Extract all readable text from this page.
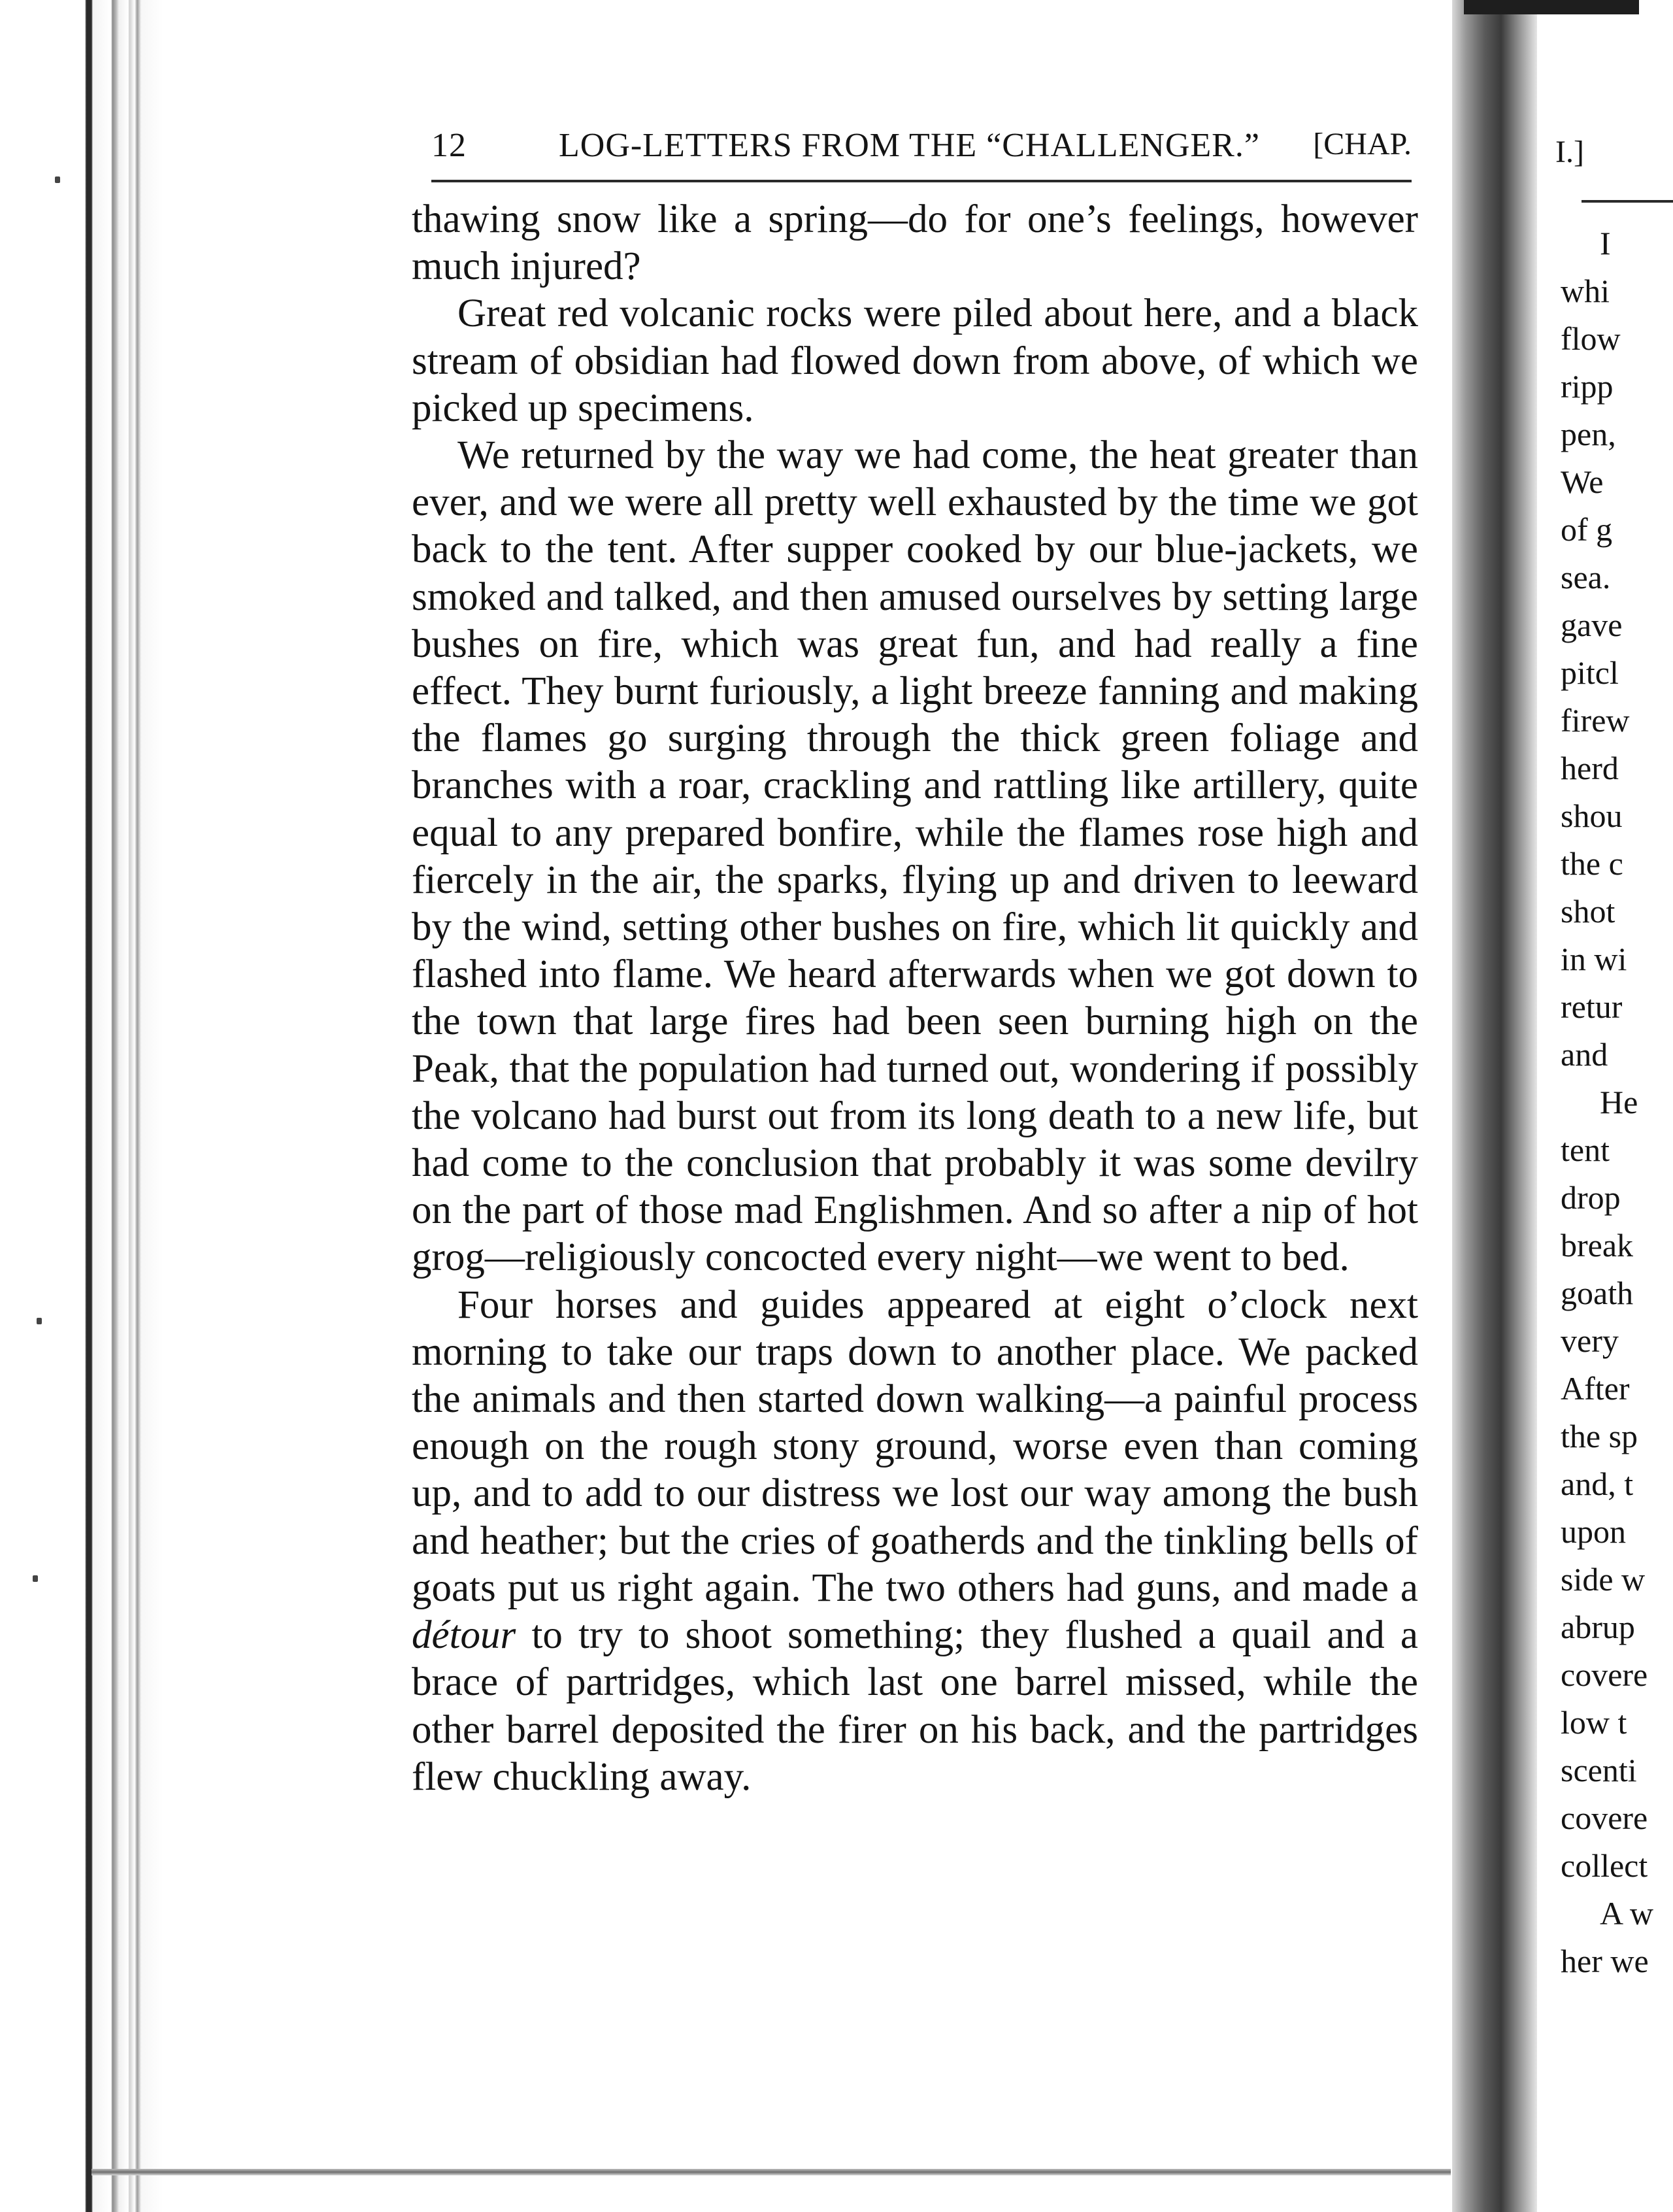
12	LOG-LETTERS FROM THE “CHALLENGER.” [CHAP.

thawing snow like a spring—do for one’s feelings, however much injured?

Great red volcanic rocks were piled about here, and a black stream of obsidian had flowed down from above, of which we picked up specimens.

We returned by the way we had come, the heat greater than ever, and we were all pretty well exhausted by the time we got back to the tent. After supper cooked by our blue-jackets, we smoked and talked, and then amused ourselves by setting large bushes on fire, which was great fun, and had really a fine effect. They burnt furiously, a light breeze fanning and making the flames go surging through the thick green foliage and branches with a roar, crackling and rattling like artillery, quite equal to any prepared bonfire, while the flames rose high and fiercely in the air, the sparks, flying up and driven to leeward by the wind, setting other bushes on fire, which lit quickly and flashed into flame. We heard afterwards when we got down to the town that large fires had been seen burning high on the Peak, that the population had turned out, wondering if possibly the volcano had burst out from its long death to a new life, but had come to the conclusion that probably it was some devilry on the part of those mad Englishmen. And so after a nip of hot grog—religiously concocted every night—we went to bed.

Four horses and guides appeared at eight o’clock next morning to take our traps down to another place. We packed the animals and then started down walking—a painful process enough on the rough stony ground, worse even than coming up, and to add to our distress we lost our way among the bush and heather; but the cries of goatherds and the tinkling bells of goats put us right again. The two others had guns, and made a détour to try to shoot something; they flushed a quail and a brace of partridges, which last one barrel missed, while the other barrel deposited the firer on his back, and the partridges flew chuckling away.

I.]
I
whi
flow
ripp
pen,
We
of g
sea.
gave
pitcl
firew
herd
shou
the c
shot
in wi
retur
and
He
tent
drop
break
goath
very
After
the sp
and, t
upon
side w
abrup
covere
low t
scenti
covere
collect
A w
her we
